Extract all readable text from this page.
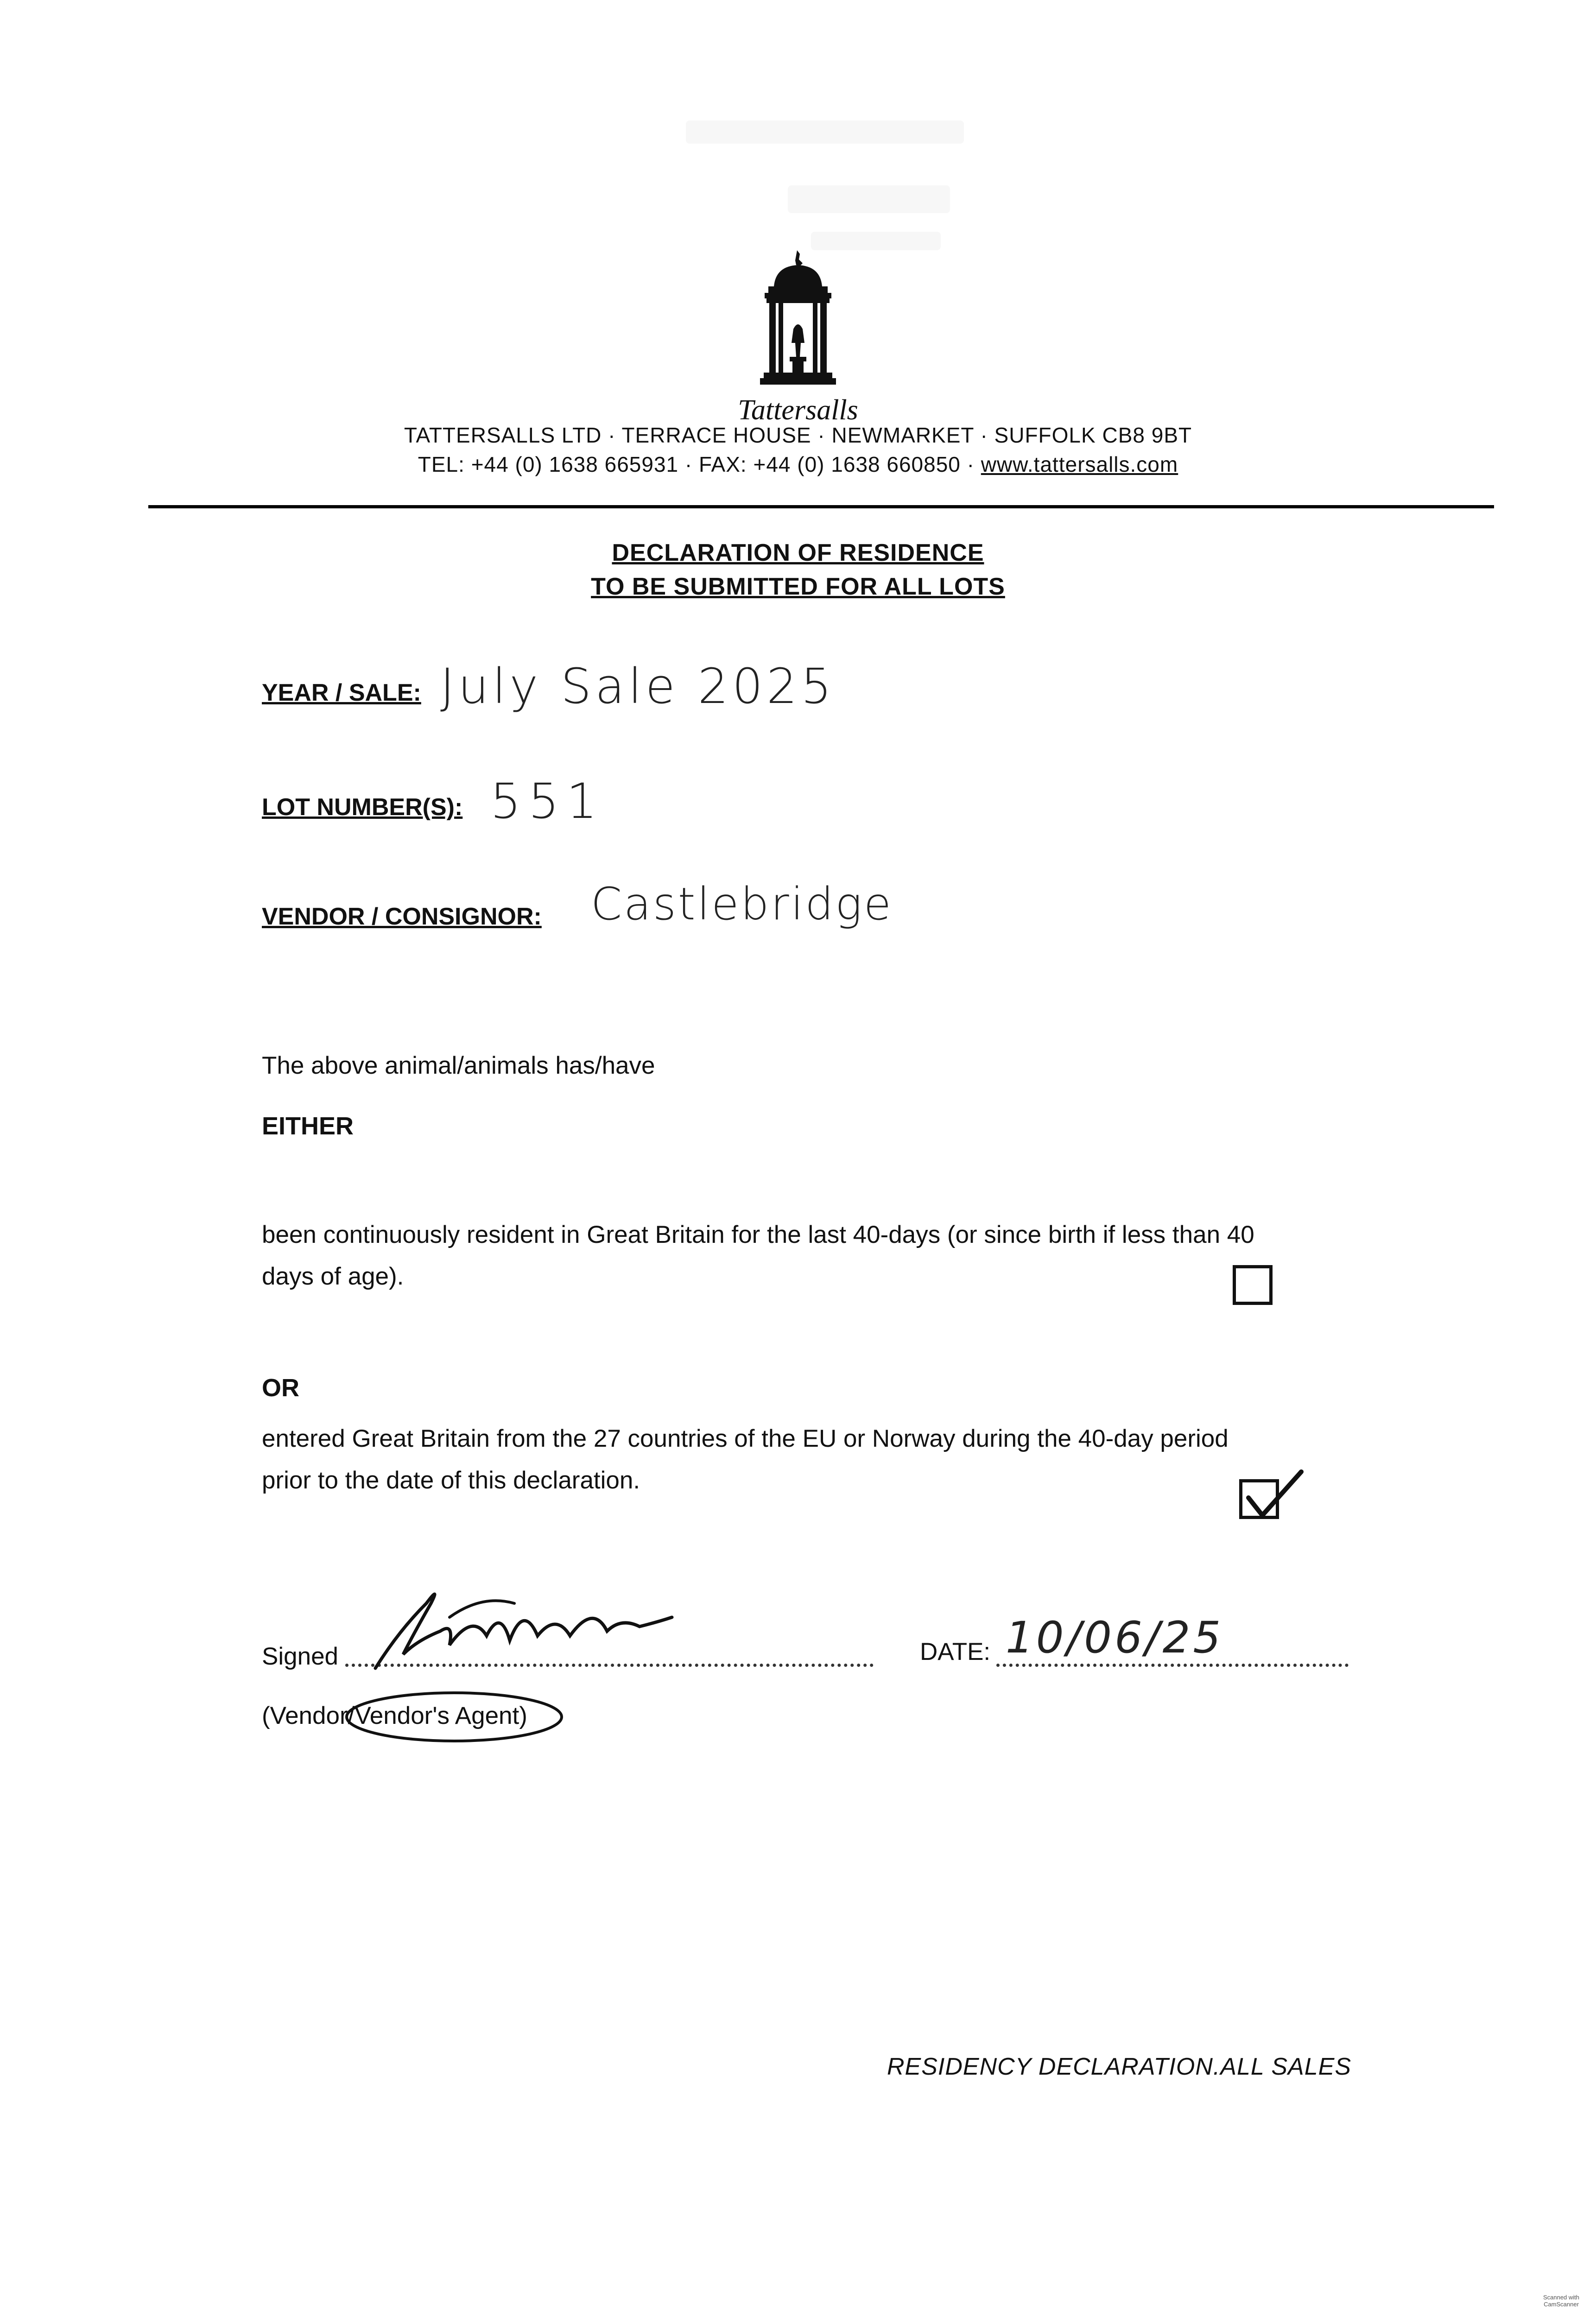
Tattersalls
TATTERSALLS LTD · TERRACE HOUSE · NEWMARKET · SUFFOLK CB8 9BT
TEL: +44 (0) 1638 665931 · FAX: +44 (0) 1638 660850 · www.tattersalls.com
DECLARATION OF RESIDENCE
TO BE SUBMITTED FOR ALL LOTS
YEAR / SALE: July Sale 2025
LOT NUMBER(S): 551
VENDOR / CONSIGNOR: Castlebridge
The above animal/animals has/have
EITHER
been continuously resident in Great Britain for the last 40-days (or since birth if less than 40
days of age).
OR
entered Great Britain from the 27 countries of the EU or Norway during the 40-day period
prior to the date of this declaration.
Signed	DATE: 10/06/25
(Vendor/Vendor's Agent)
RESIDENCY DECLARATION.ALL SALES
Scanned with
CamScanner
